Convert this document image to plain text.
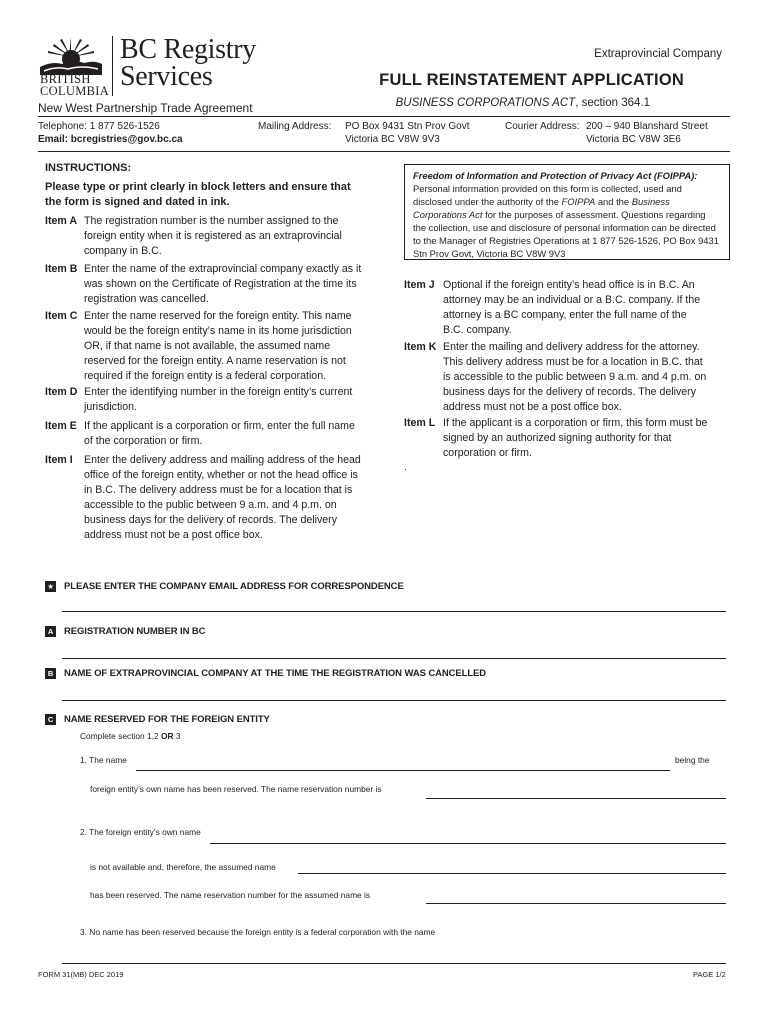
BRITISH
COLUMBIA
BC Registry
Services
New West Partnership Trade Agreement
Extraprovincial Company
FULL REINSTATEMENT APPLICATION
BUSINESS CORPORATIONS ACT, section 364.1
Telephone: 1 877 526-1526
Email: bcregistries@gov.bc.ca
Mailing Address: PO Box 9431 Stn Prov Govt
Victoria BC V8W 9V3
Courier Address: 200 – 940 Blanshard Street
Victoria BC V8W 3E6
INSTRUCTIONS:
Please type or print clearly in block letters and ensure that the form is signed and dated in ink.
Item A The registration number is the number assigned to the foreign entity when it is registered as an extraprovincial company in B.C.
Item B Enter the name of the extraprovincial company exactly as it was shown on the Certificate of Registration at the time its registration was cancelled.
Item C Enter the name reserved for the foreign entity. This name would be the foreign entity’s name in its home jurisdiction OR, if that name is not available, the assumed name reserved for the foreign entity. A name reservation is not required if the foreign entity is a federal corporation.
Item D Enter the identifying number in the foreign entity’s current jurisdiction.
Item E If the applicant is a corporation or firm, enter the full name of the corporation or firm.
Item I Enter the delivery address and mailing address of the head office of the foreign entity, whether or not the head office is in B.C. The delivery address must be for a location that is accessible to the public between 9 a.m. and 4 p.m. on business days for the delivery of records. The delivery address must not be a post office box.
Freedom of Information and Protection of Privacy Act (FOIPPA):
Personal information provided on this form is collected, used and disclosed under the authority of the FOIPPA and the Business Corporations Act for the purposes of assessment. Questions regarding the collection, use and disclosure of personal information can be directed to the Manager of Registries Operations at 1 877 526-1526, PO Box 9431 Stn Prov Govt, Victoria BC V8W 9V3
Item J Optional if the foreign entity’s head office is in B.C. An attorney may be an individual or a B.C. company. If the attorney is a BC company, enter the full name of the B.C. company.
Item K Enter the mailing and delivery address for the attorney. This delivery address must be for a location in B.C. that is accessible to the public between 9 a.m. and 4 p.m. on business days for the delivery of records. The delivery address must not be a post office box.
Item L If the applicant is a corporation or firm, this form must be signed by an authorized signing authority for that corporation or firm.
.
★ PLEASE ENTER THE COMPANY EMAIL ADDRESS FOR CORRESPONDENCE
A REGISTRATION NUMBER IN BC
B NAME OF EXTRAPROVINCIAL COMPANY AT THE TIME THE REGISTRATION WAS CANCELLED
C NAME RESERVED FOR THE FOREIGN ENTITY
Complete section 1,2 OR 3
1. The name	being the
foreign entity’s own name has been reserved. The name reservation number is
2. The foreign entity’s own name
is not available and, therefore, the assumed name
has been reserved. The name reservation number for the assumed name is
3. No name has been reserved because the foreign entity is a federal corporation with the name
FORM 31(MB) DEC 2019	PAGE 1/2
